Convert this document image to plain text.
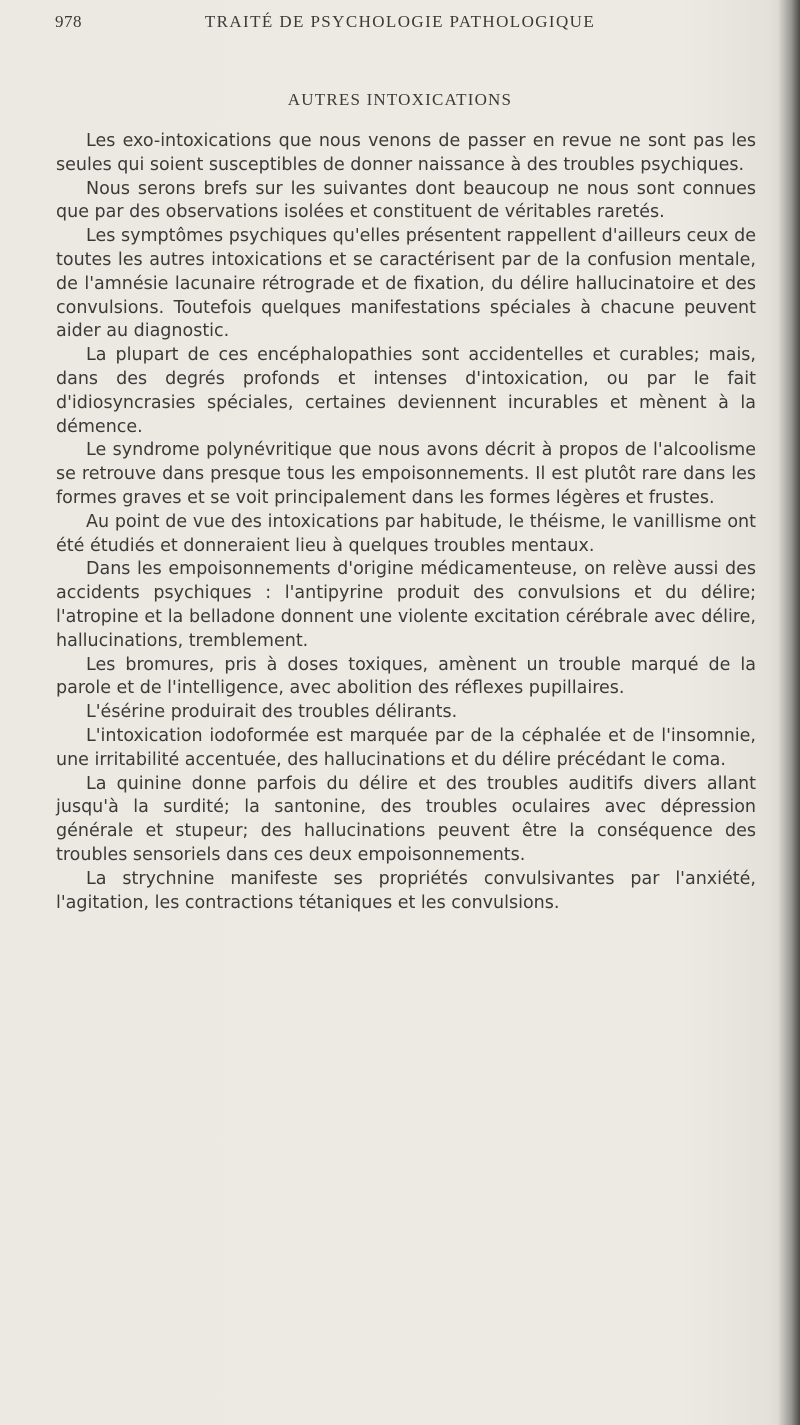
978	TRAITÉ DE PSYCHOLOGIE PATHOLOGIQUE
AUTRES INTOXICATIONS

Les exo-intoxications que nous venons de passer en revue ne sont pas les seules qui soient susceptibles de donner naissance à des troubles psychiques.

Nous serons brefs sur les suivantes dont beaucoup ne nous sont connues que par des observations isolées et constituent de véritables raretés.

Les symptômes psychiques qu'elles présentent rappellent d'ailleurs ceux de toutes les autres intoxications et se caractérisent par de la confusion mentale, de l'amnésie lacunaire rétrograde et de fixation, du délire hallucinatoire et des convulsions. Toutefois quelques manifestations spéciales à chacune peuvent aider au diagnostic.

La plupart de ces encéphalopathies sont accidentelles et curables; mais, dans des degrés profonds et intenses d'intoxication, ou par le fait d'idiosyncrasies spéciales, certaines deviennent incurables et mènent à la démence.

Le syndrome polynévritique que nous avons décrit à propos de l'alcoolisme se retrouve dans presque tous les empoisonnements. Il est plutôt rare dans les formes graves et se voit principalement dans les formes légères et frustes.

Au point de vue des intoxications par habitude, le théisme, le vanillisme ont été étudiés et donneraient lieu à quelques troubles mentaux.

Dans les empoisonnements d'origine médicamenteuse, on relève aussi des accidents psychiques : l'antipyrine produit des convulsions et du délire; l'atropine et la belladone donnent une violente excitation cérébrale avec délire, hallucinations, tremblement.

Les bromures, pris à doses toxiques, amènent un trouble marqué de la parole et de l'intelligence, avec abolition des réflexes pupillaires.

L'ésérine produirait des troubles délirants.

L'intoxication iodoformée est marquée par de la céphalée et de l'insomnie, une irritabilité accentuée, des hallucinations et du délire précédant le coma.

La quinine donne parfois du délire et des troubles auditifs divers allant jusqu'à la surdité; la santonine, des troubles oculaires avec dépression générale et stupeur; des hallucinations peuvent être la conséquence des troubles sensoriels dans ces deux empoisonnements.

La strychnine manifeste ses propriétés convulsivantes par l'anxiété, l'agitation, les contractions tétaniques et les convulsions.
